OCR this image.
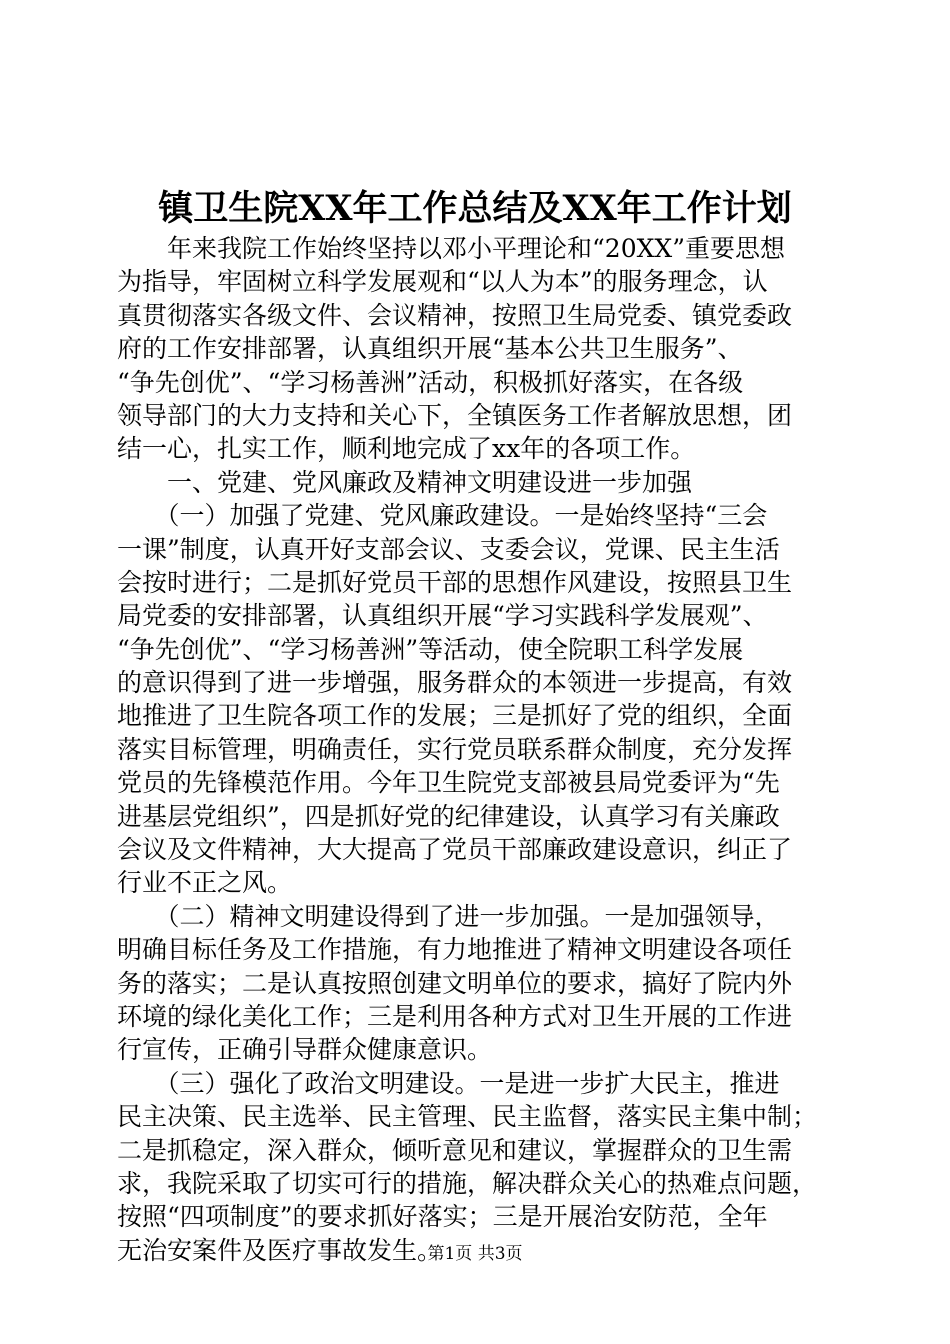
镇卫生院XX年工作总结及XX年工作计划
　　年来我院工作始终坚持以邓小平理论和“20XX”重要思想
为指导，牢固树立科学发展观和“以人为本”的服务理念，认
真贯彻落实各级文件、会议精神，按照卫生局党委、镇党委政
府的工作安排部署，认真组织开展“基本公共卫生服务”、
“争先创优”、“学习杨善洲”活动，积极抓好落实，在各级
领导部门的大力支持和关心下，全镇医务工作者解放思想，团
结一心，扎实工作，顺利地完成了xx年的各项工作。
　　一、党建、党风廉政及精神文明建设进一步加强
　　（一）加强了党建、党风廉政建设。一是始终坚持“三会
一课”制度，认真开好支部会议、支委会议，党课、民主生活
会按时进行；二是抓好党员干部的思想作风建设，按照县卫生
局党委的安排部署，认真组织开展“学习实践科学发展观”、
“争先创优”、“学习杨善洲”等活动，使全院职工科学发展
的意识得到了进一步增强，服务群众的本领进一步提高，有效
地推进了卫生院各项工作的发展；三是抓好了党的组织，全面
落实目标管理，明确责任，实行党员联系群众制度，充分发挥
党员的先锋模范作用。今年卫生院党支部被县局党委评为“先
进基层党组织”，四是抓好党的纪律建设，认真学习有关廉政
会议及文件精神，大大提高了党员干部廉政建设意识，纠正了
行业不正之风。
　　（二）精神文明建设得到了进一步加强。一是加强领导，
明确目标任务及工作措施，有力地推进了精神文明建设各项任
务的落实；二是认真按照创建文明单位的要求，搞好了院内外
环境的绿化美化工作；三是利用各种方式对卫生开展的工作进
行宣传，正确引导群众健康意识。
　　（三）强化了政治文明建设。一是进一步扩大民主，推进
民主决策、民主选举、民主管理、民主监督，落实民主集中制；
二是抓稳定，深入群众，倾听意见和建议，掌握群众的卫生需
求，我院采取了切实可行的措施，解决群众关心的热难点问题，
按照“四项制度”的要求抓好落实；三是开展治安防范，全年
无治安案件及医疗事故发生。
第1页 共3页
